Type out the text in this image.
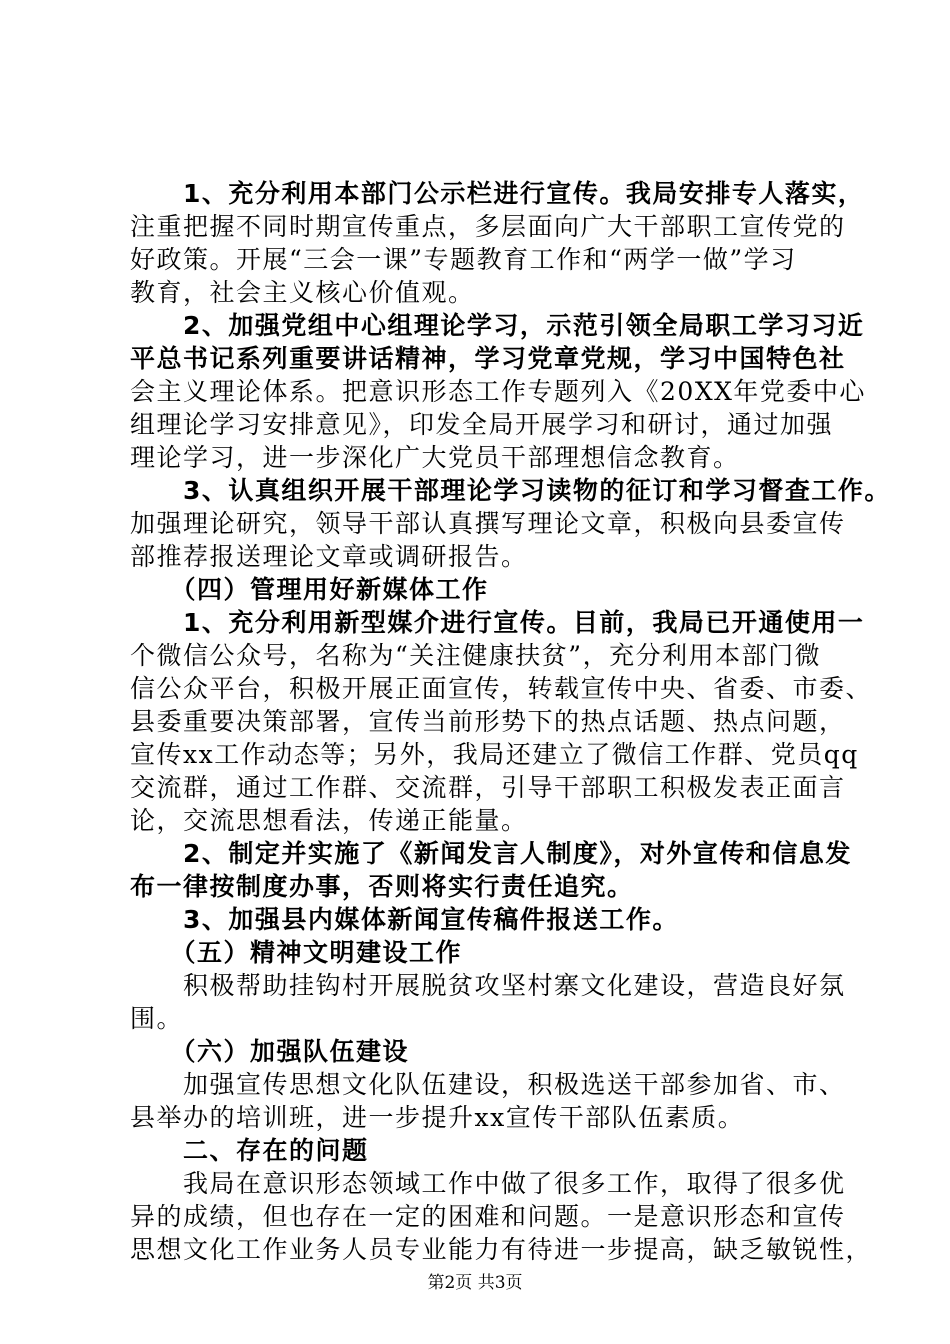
　　1、充分利用本部门公示栏进行宣传。我局安排专人落实，
注重把握不同时期宣传重点，多层面向广大干部职工宣传党的
好政策。开展“三会一课”专题教育工作和“两学一做”学习
教育，社会主义核心价值观。
　　2、加强党组中心组理论学习，示范引领全局职工学习习近
平总书记系列重要讲话精神，学习党章党规，学习中国特色社
会主义理论体系。把意识形态工作专题列入《20XX年党委中心
组理论学习安排意见》，印发全局开展学习和研讨，通过加强
理论学习，进一步深化广大党员干部理想信念教育。
　　3、认真组织开展干部理论学习读物的征订和学习督查工作。
加强理论研究，领导干部认真撰写理论文章，积极向县委宣传
部推荐报送理论文章或调研报告。
　　（四）管理用好新媒体工作
　　1、充分利用新型媒介进行宣传。目前，我局已开通使用一
个微信公众号，名称为“关注健康扶贫”，充分利用本部门微
信公众平台，积极开展正面宣传，转载宣传中央、省委、市委、
县委重要决策部署，宣传当前形势下的热点话题、热点问题，
宣传xx工作动态等；另外，我局还建立了微信工作群、党员qq
交流群，通过工作群、交流群，引导干部职工积极发表正面言
论，交流思想看法，传递正能量。
　　2、制定并实施了《新闻发言人制度》，对外宣传和信息发
布一律按制度办事，否则将实行责任追究。
　　3、加强县内媒体新闻宣传稿件报送工作。
　　（五）精神文明建设工作
　　积极帮助挂钩村开展脱贫攻坚村寨文化建设，营造良好氛
围。
　　（六）加强队伍建设
　　加强宣传思想文化队伍建设，积极选送干部参加省、市、
县举办的培训班，进一步提升xx宣传干部队伍素质。
　　二、存在的问题
　　我局在意识形态领域工作中做了很多工作，取得了很多优
异的成绩，但也存在一定的困难和问题。一是意识形态和宣传
思想文化工作业务人员专业能力有待进一步提高，缺乏敏锐性，
第2页 共3页
